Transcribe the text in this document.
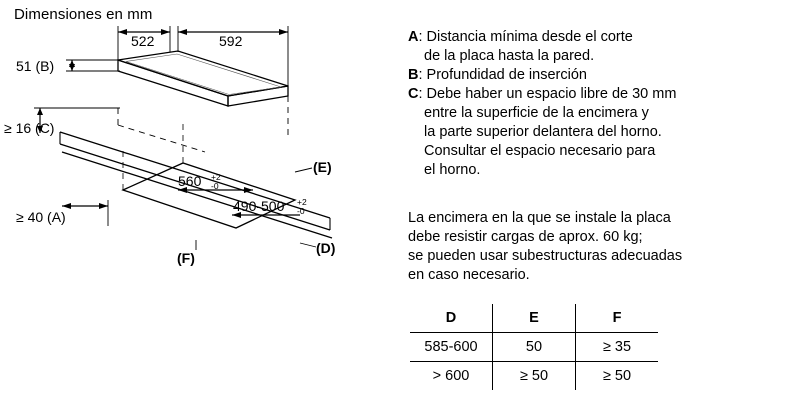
Dimensiones en mm
522	592
51 (B)
≥ 16 (C)
≥ 40 (A)
560 +2
-0
490-500 +2
-0
(E)
(D)
(F)
A: Distancia mínima desde el corte
de la placa hasta la pared.
B: Profundidad de inserción
C: Debe haber un espacio libre de 30 mm
entre la superficie de la encimera y
la parte superior delantera del horno.
Consultar el espacio necesario para
el horno.
La encimera en la que se instale la placa
debe resistir cargas de aprox. 60 kg;
se pueden usar subestructuras adecuadas
en caso necesario.
D	E	F
585-600	50	≥ 35
> 600	≥ 50	≥ 50
